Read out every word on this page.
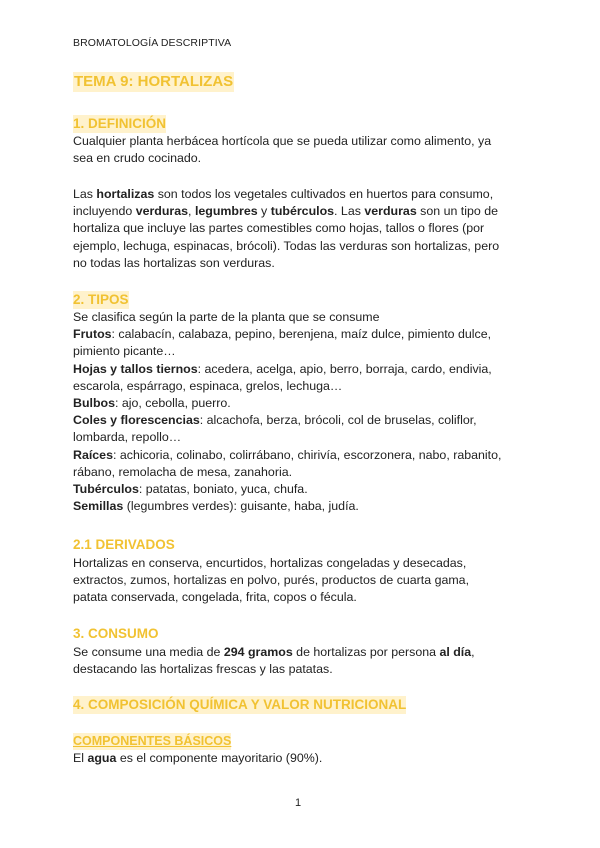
BROMATOLOGÍA DESCRIPTIVA
TEMA 9: HORTALIZAS
1. DEFINICIÓN
Cualquier planta herbácea hortícola que se pueda utilizar como alimento, ya
sea en crudo cocinado.
Las hortalizas son todos los vegetales cultivados en huertos para consumo,
incluyendo verduras, legumbres y tubérculos. Las verduras son un tipo de
hortaliza que incluye las partes comestibles como hojas, tallos o flores (por
ejemplo, lechuga, espinacas, brócoli). Todas las verduras son hortalizas, pero
no todas las hortalizas son verduras.
2. TIPOS
Se clasifica según la parte de la planta que se consume
Frutos: calabacín, calabaza, pepino, berenjena, maíz dulce, pimiento dulce,
pimiento picante…
Hojas y tallos tiernos: acedera, acelga, apio, berro, borraja, cardo, endivia,
escarola, espárrago, espinaca, grelos, lechuga…
Bulbos: ajo, cebolla, puerro.
Coles y florescencias: alcachofa, berza, brócoli, col de bruselas, coliflor,
lombarda, repollo…
Raíces: achicoria, colinabo, colirrábano, chirivía, escorzonera, nabo, rabanito,
rábano, remolacha de mesa, zanahoria.
Tubérculos: patatas, boniato, yuca, chufa.
Semillas (legumbres verdes): guisante, haba, judía.
2.1 DERIVADOS
Hortalizas en conserva, encurtidos, hortalizas congeladas y desecadas,
extractos, zumos, hortalizas en polvo, purés, productos de cuarta gama,
patata conservada, congelada, frita, copos o fécula.
3. CONSUMO
Se consume una media de 294 gramos de hortalizas por persona al día,
destacando las hortalizas frescas y las patatas.
4. COMPOSICIÓN QUÍMICA Y VALOR NUTRICIONAL
COMPONENTES BÁSICOS
El agua es el componente mayoritario (90%).
1
